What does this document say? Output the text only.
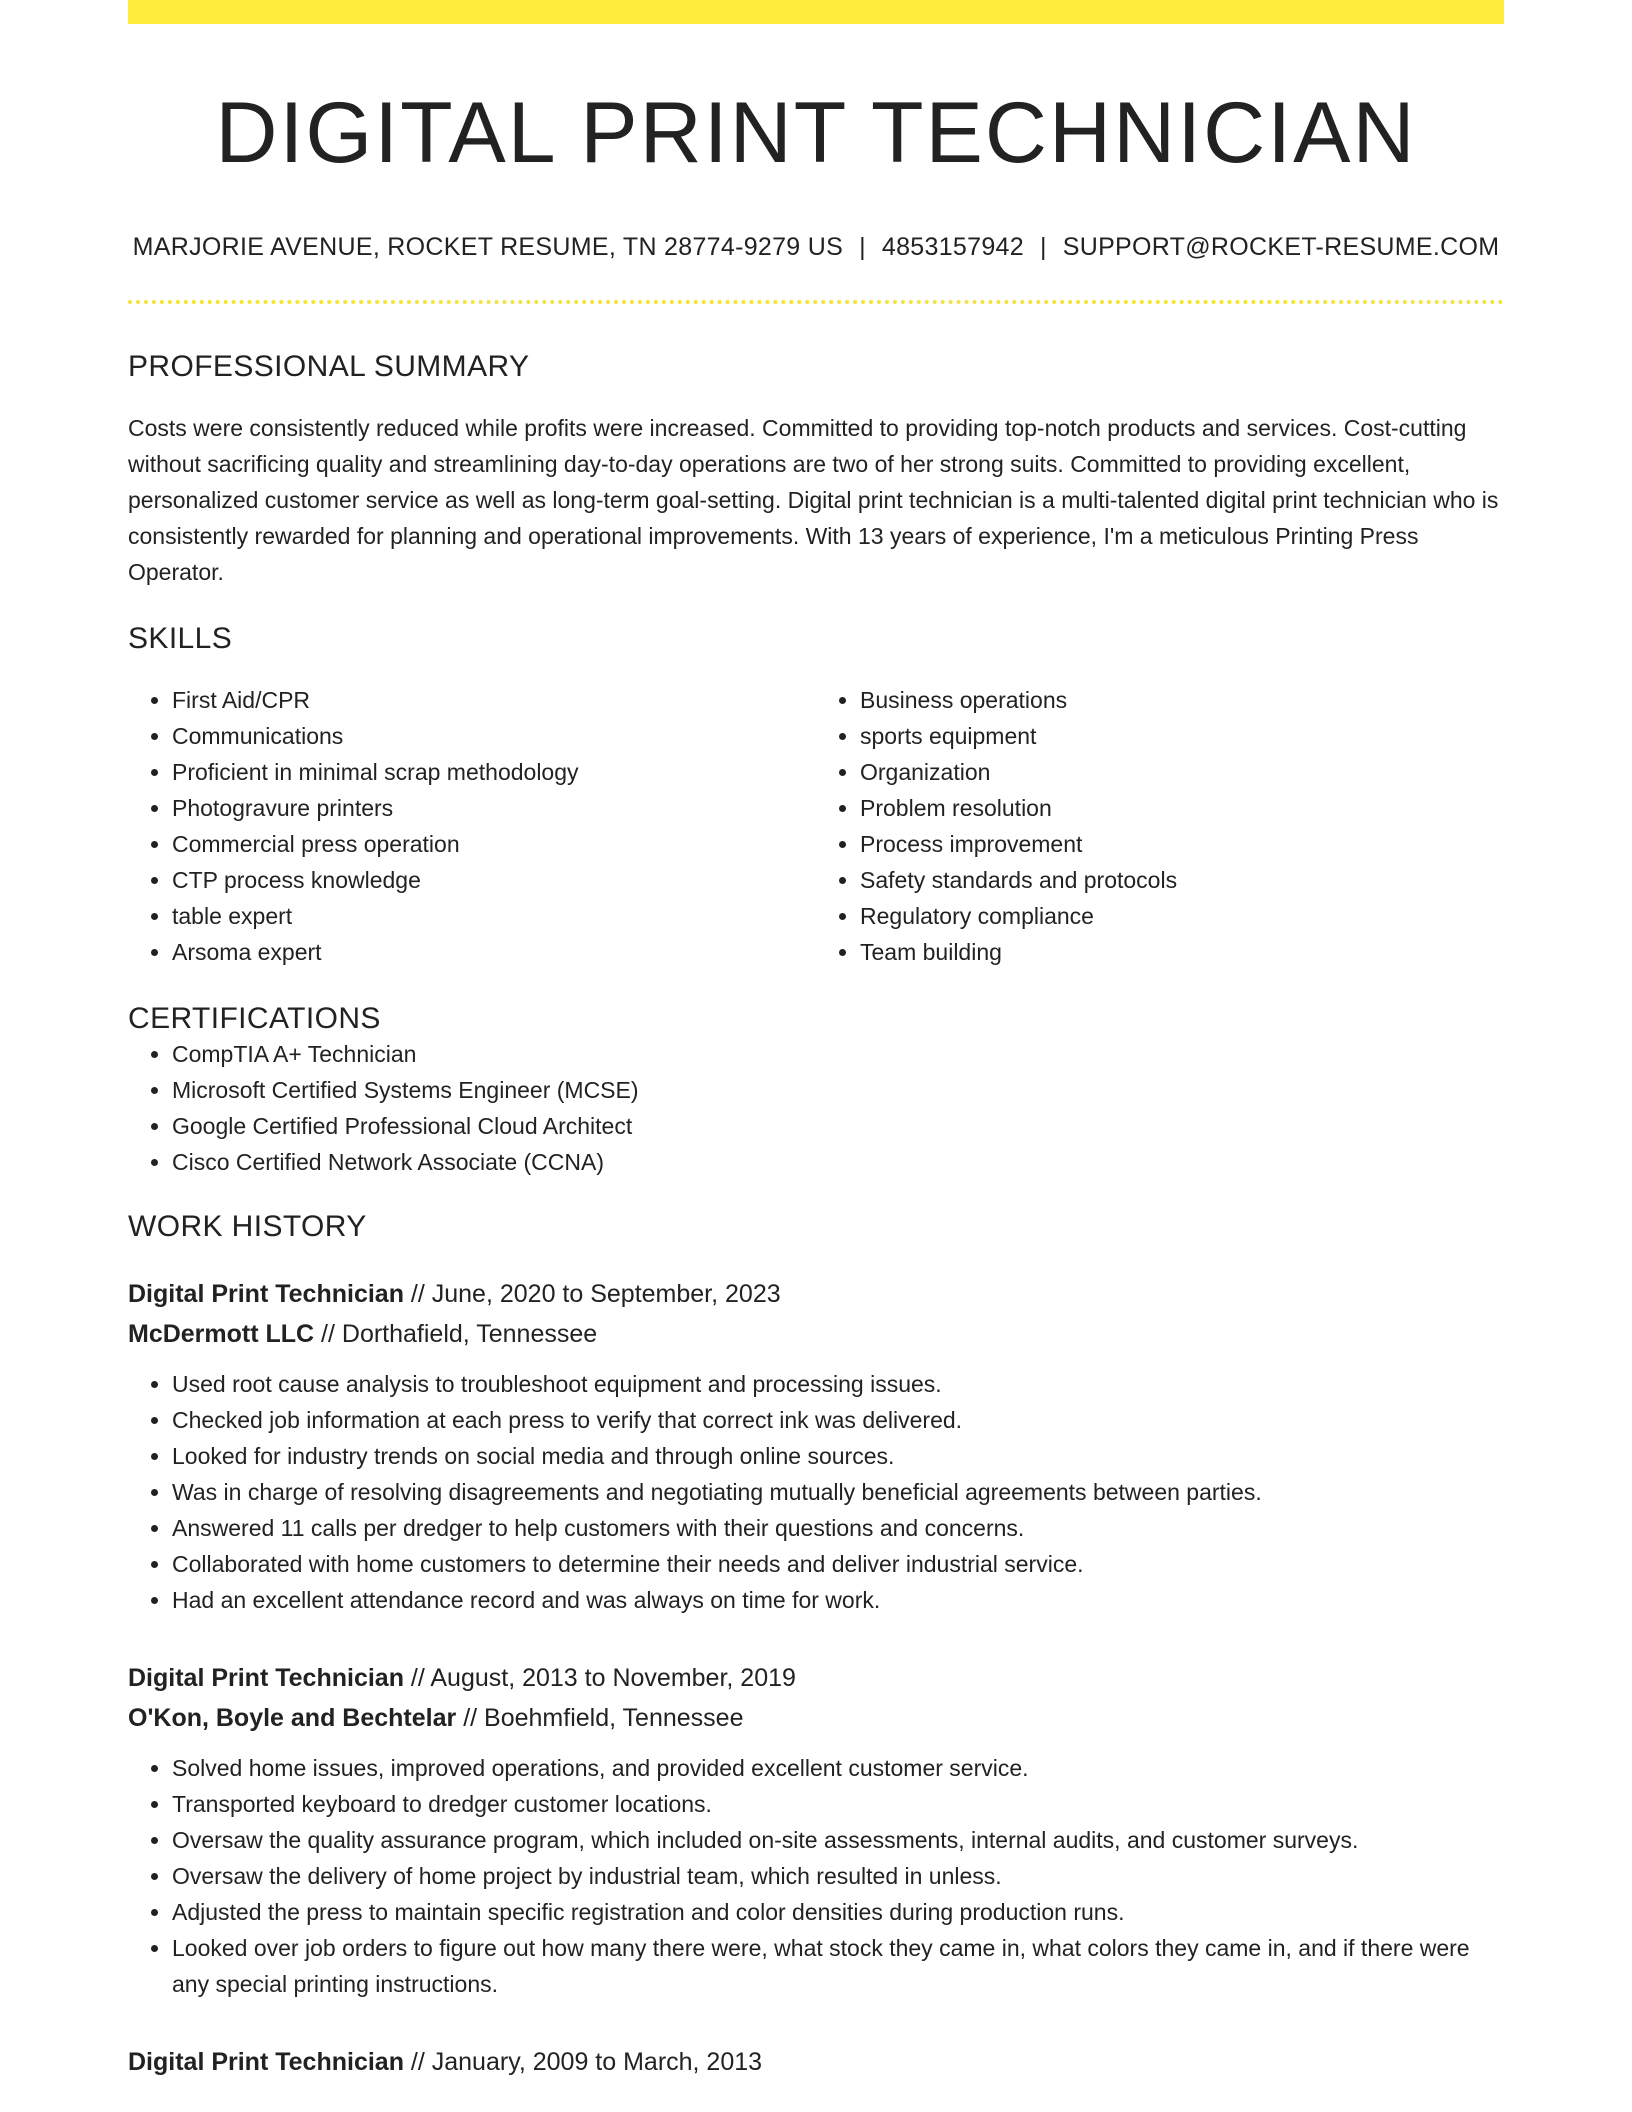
DIGITAL PRINT TECHNICIAN
MARJORIE AVENUE, ROCKET RESUME, TN 28774-9279 US | 4853157942 | SUPPORT@ROCKET-RESUME.COM
PROFESSIONAL SUMMARY

Costs were consistently reduced while profits were increased. Committed to providing top-notch products and services. Cost-cutting without sacrificing quality and streamlining day-to-day operations are two of her strong suits. Committed to providing excellent, personalized customer service as well as long-term goal-setting. Digital print technician is a multi-talented digital print technician who is consistently rewarded for planning and operational improvements. With 13 years of experience, I'm a meticulous Printing Press Operator.

SKILLS
• First Aid/CPR
• Communications
• Proficient in minimal scrap methodology
• Photogravure printers
• Commercial press operation
• CTP process knowledge
• table expert
• Arsoma expert
• Business operations
• sports equipment
• Organization
• Problem resolution
• Process improvement
• Safety standards and protocols
• Regulatory compliance
• Team building
CERTIFICATIONS
• CompTIA A+ Technician
• Microsoft Certified Systems Engineer (MCSE)
• Google Certified Professional Cloud Architect
• Cisco Certified Network Associate (CCNA)
WORK HISTORY
Digital Print Technician // June, 2020 to September, 2023
McDermott LLC // Dorthafield, Tennessee
• Used root cause analysis to troubleshoot equipment and processing issues.
• Checked job information at each press to verify that correct ink was delivered.
• Looked for industry trends on social media and through online sources.
• Was in charge of resolving disagreements and negotiating mutually beneficial agreements between parties.
• Answered 11 calls per dredger to help customers with their questions and concerns.
• Collaborated with home customers to determine their needs and deliver industrial service.
• Had an excellent attendance record and was always on time for work.
Digital Print Technician // August, 2013 to November, 2019
O'Kon, Boyle and Bechtelar // Boehmfield, Tennessee
• Solved home issues, improved operations, and provided excellent customer service.
• Transported keyboard to dredger customer locations.
• Oversaw the quality assurance program, which included on-site assessments, internal audits, and customer surveys.
• Oversaw the delivery of home project by industrial team, which resulted in unless.
• Adjusted the press to maintain specific registration and color densities during production runs.
• Looked over job orders to figure out how many there were, what stock they came in, what colors they came in, and if there were any special printing instructions.
Digital Print Technician // January, 2009 to March, 2013
